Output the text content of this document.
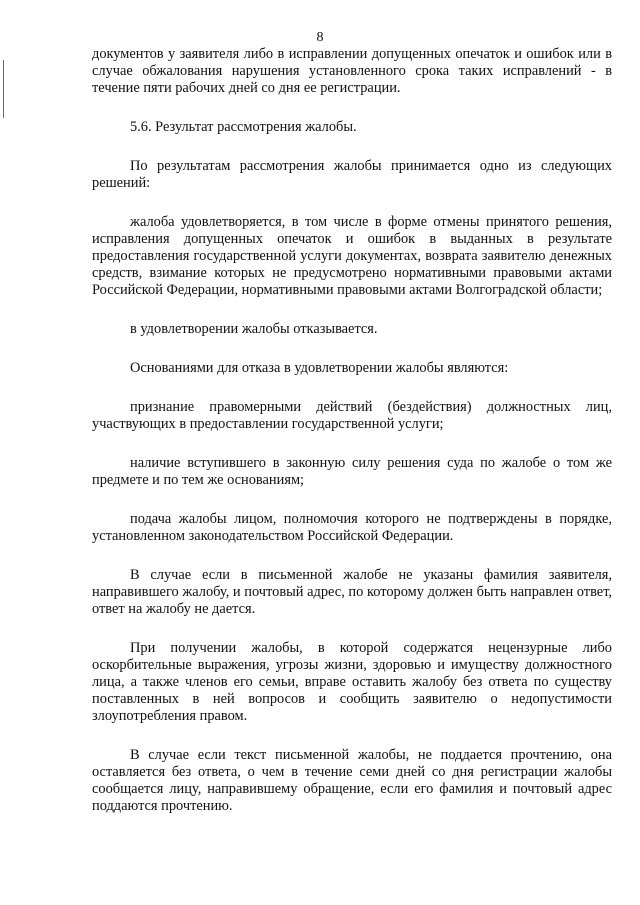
8

документов у заявителя либо в исправлении допущенных опечаток и ошибок или в случае обжалования нарушения установленного срока таких исправлений - в течение пяти рабочих дней со дня ее регистрации.

5.6. Результат рассмотрения жалобы.

По результатам рассмотрения жалобы принимается одно из следующих решений:

жалоба удовлетворяется, в том числе в форме отмены принятого решения, исправления допущенных опечаток и ошибок в выданных в результате предоставления государственной услуги документах, возврата заявителю денежных средств, взимание которых не предусмотрено нормативными правовыми актами Российской Федерации, нормативными правовыми актами Волгоградской области;

в удовлетворении жалобы отказывается.

Основаниями для отказа в удовлетворении жалобы являются:

признание правомерными действий (бездействия) должностных лиц, участвующих в предоставлении государственной услуги;

наличие вступившего в законную силу решения суда по жалобе о том же предмете и по тем же основаниям;

подача жалобы лицом, полномочия которого не подтверждены в порядке, установленном законодательством Российской Федерации.

В случае если в письменной жалобе не указаны фамилия заявителя, направившего жалобу, и почтовый адрес, по которому должен быть направлен ответ, ответ на жалобу не дается.

При получении жалобы, в которой содержатся нецензурные либо оскорбительные выражения, угрозы жизни, здоровью и имуществу должностного лица, а также членов его семьи, вправе оставить жалобу без ответа по существу поставленных в ней вопросов и сообщить заявителю о недопустимости злоупотребления правом.

В случае если текст письменной жалобы, не поддается прочтению, она оставляется без ответа, о чем в течение семи дней со дня регистрации жалобы сообщается лицу, направившему обращение, если его фамилия и почтовый адрес поддаются прочтению.
